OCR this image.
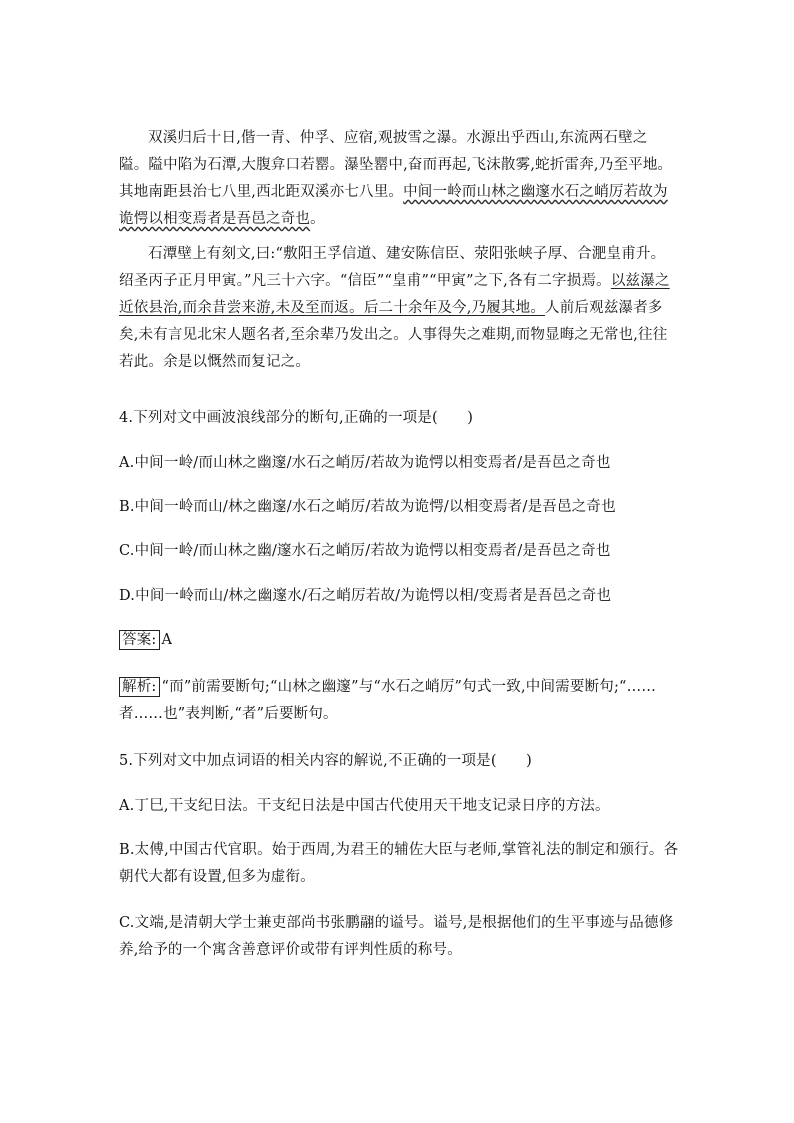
双溪归后十日,偕一青、仲孚、应宿,观披雪之瀑。水源出乎西山,东流两石壁之隘。隘中陷为石潭,大腹弇口若罂。瀑坠罂中,奋而再起,飞沫散雾,蛇折雷奔,乃至平地。其地南距县治七八里,西北距双溪亦七八里。中间一岭而山林之幽邃水石之峭厉若故为诡愕以相变焉者是吾邑之奇也。

石潭壁上有刻文,曰:“敷阳王孚信道、建安陈信臣、荥阳张峡子厚、合淝皇甫升。绍圣丙子正月甲寅。”凡三十六字。“信臣”“皇甫”“甲寅”之下,各有二字损焉。以兹瀑之近依县治,而余昔尝来游,未及至而返。后二十余年及今,乃履其地。人前后观兹瀑者多矣,未有言见北宋人题名者,至余辈乃发出之。人事得失之难期,而物显晦之无常也,往往若此。余是以慨然而复记之。

4.下列对文中画波浪线部分的断句,正确的一项是(　　)

A.中间一岭/而山林之幽邃/水石之峭厉/若故为诡愕以相变焉者/是吾邑之奇也

B.中间一岭而山/林之幽邃/水石之峭厉/若故为诡愕/以相变焉者/是吾邑之奇也

C.中间一岭/而山林之幽/邃水石之峭厉/若故为诡愕以相变焉者/是吾邑之奇也

D.中间一岭而山/林之幽邃水/石之峭厉若故/为诡愕以相/变焉者是吾邑之奇也

答案: A

解析: “而”前需要断句;“山林之幽邃”与“水石之峭厉”句式一致,中间需要断句;“……者……也”表判断,“者”后要断句。

5.下列对文中加点词语的相关内容的解说,不正确的一项是(　　)

A.丁巳,干支纪日法。干支纪日法是中国古代使用天干地支记录日序的方法。

B.太傅,中国古代官职。始于西周,为君王的辅佐大臣与老师,掌管礼法的制定和颁行。各朝代大都有设置,但多为虚衔。

C.文端,是清朝大学士兼吏部尚书张鹏翮的谥号。谥号,是根据他们的生平事迹与品德修养,给予的一个寓含善意评价或带有评判性质的称号。
